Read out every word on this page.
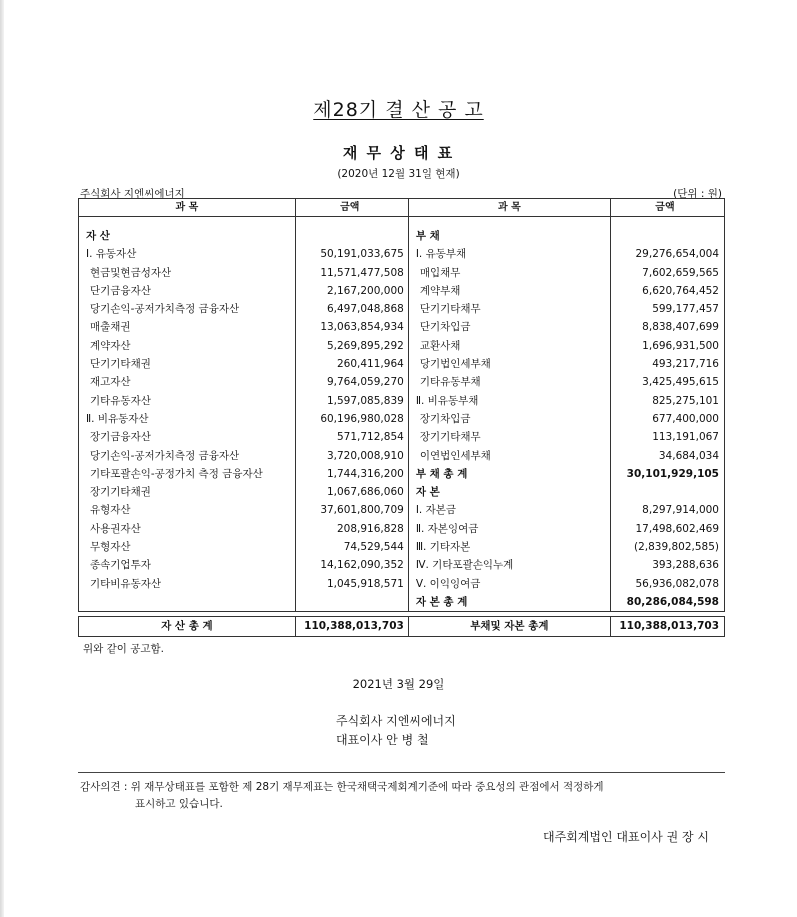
제28기 결 산 공 고
재 무 상 태 표
(2020년 12월 31일 현재)
주식회사 지엔씨에너지	(단위 : 원)
과 목	금액	과 목	금액

자 산		부 채	
Ⅰ. 유동자산	50,191,033,675	Ⅰ. 유동부채	29,276,654,004
현금및현금성자산	11,571,477,508	매입채무	7,602,659,565
단기금융자산	2,167,200,000	계약부채	6,620,764,452
당기손익-공저가치측정 금융자산	6,497,048,868	단기기타채무	599,177,457
매출채권	13,063,854,934	단기차입금	8,838,407,699
계약자산	5,269,895,292	교환사채	1,696,931,500
단기기타채권	260,411,964	당기법인세부채	493,217,716
재고자산	9,764,059,270	기타유동부채	3,425,495,615
기타유동자산	1,597,085,839	Ⅱ. 비유동부채	825,275,101
Ⅱ. 비유동자산	60,196,980,028	장기차입금	677,400,000
장기금융자산	571,712,854	장기기타채무	113,191,067
당기손익-공저가치측정 금융자산	3,720,008,910	이연법인세부채	34,684,034
기타포괄손익-공정가치 측정 금융자산	1,744,316,200	부 채 총 계	30,101,929,105
장기기타채권	1,067,686,060	자 본	
유형자산	37,601,800,709	Ⅰ. 자본금	8,297,914,000
사용권자산	208,916,828	Ⅱ. 자본잉여금	17,498,602,469
무형자산	74,529,544	Ⅲ. 기타자본	(2,839,802,585)
종속기업투자	14,162,090,352	Ⅳ. 기타포괄손익누계	393,288,636
기타비유동자산	1,045,918,571	Ⅴ. 이익잉여금	56,936,082,078
		자 본 총 계	80,286,084,598

자 산 총 계	110,388,013,703	부채및 자본 총계	110,388,013,703
위와 같이 공고함.
2021년 3월 29일
주식회사 지엔씨에너지
대표이사 안 병 철
감사의견 : 위 재무상태표를 포함한 제 28기 재무제표는 한국채택국제회계기준에 따라 중요성의 관점에서 적정하게
표시하고 있습니다.
대주회계법인 대표이사 권 장 시
